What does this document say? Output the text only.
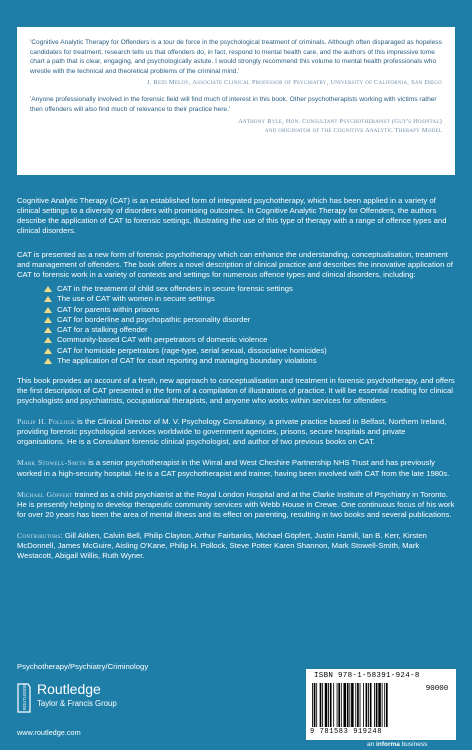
'Cognitive Analytic Therapy for Offenders is a tour de force in the psychological treatment of criminals. Although often disparaged as hopeless candidates for treatment, research tells us that offenders do, in fact, respond to mental health care, and the authors of this impressive tome chart a path that is clear, engaging, and psychologically astute. I would strongly recommend this volume to mental health professionals who wrestle with the technical and theoretical problems of the criminal mind.'

J. Reid Meloy, Associate Clinical Professor of Psychiatry, University of California, San Diego

'Anyone professionally involved in the forensic field will find much of interest in this book. Other psychotherapists working with victims rather then offenders will also find much of relevance to their practice here.'

Anthony Ryle, Hon. Consultant Psychotherapist (Guy's Hospital)

and originator of the Cognitive Analytic Therapy Model

Cognitive Analytic Therapy (CAT) is an established form of integrated psychotherapy, which has been applied in a variety of clinical settings to a diversity of disorders with promising outcomes. In Cognitive Analytic Therapy for Offenders, the authors describe the application of CAT to forensic settings, illustrating the use of this type of therapy with a range of offence types and clinical disorders.

CAT is presented as a new form of forensic psychotherapy which can enhance the understanding, conceptualisation, treatment and management of offenders. The book offers a novel description of clinical practice and describes the innovative application of CAT to forensic work in a variety of contexts and settings for numerous offence types and clinical disorders, including:

CAT in the treatment of child sex offenders in secure forensic settings
The use of CAT with women in secure settings
CAT for parents within prisons
CAT for borderline and psychopathic personality disorder
CAT for a stalking offender
Community-based CAT with perpetrators of domestic violence
CAT for homicide perpetrators (rage-type, serial sexual, dissociative homicides)
The application of CAT for court reporting and managing boundary violations

This book provides an account of a fresh, new approach to conceptualisation and treatment in forensic psychotherapy, and offers the first description of CAT presented in the form of a compilation of illustrations of practice. It will be essential reading for clinical psychologists and psychiatrists, occupational therapists, and anyone who works within services for offenders.

Philip H. Pollock is the Clinical Director of M. V. Psychology Consultancy, a private practice based in Belfast, Northern Ireland, providing forensic psychological services worldwide to government agencies, prisons, secure hospitals and private organisations. He is a Consultant forensic clinical psychologist, and author of two previous books on CAT.

Mark Stowell-Smith is a senior psychotherapist in the Wirral and West Cheshire Partnership NHS Trust and has previously worked in a high-security hospital. He is a CAT psychotherapist and trainer, having been involved with CAT from the late 1980s.

Michael Göpfert trained as a child psychiatrist at the Royal London Hospital and at the Clarke Institute of Psychiatry in Toronto. He is presently helping to develop therapeutic community services with Webb House in Crewe. One continuous focus of his work for over 20 years has been the area of mental illness and its effect on parenting, resulting in two books and several publications.

Contributors: Gill Aitken, Calvin Bell, Philip Clayton, Arthur Fairbanks, Michael Göpfert, Justin Hamill, Ian B. Kerr, Kirsten McDonnell, James McGuire, Aisling O'Kane, Philip H. Pollock, Steve Potter Karen Shannon, Mark Stowell-Smith, Mark Westacott, Abigail Willis, Ruth Wyner.

Psychotherapy/Psychiatry/Criminology
ROUTLEDGE Routledge
Taylor & Francis Group
www.routledge.com
ISBN 978-1-58391-924-8
90000
9 781583 919248
an informa business
